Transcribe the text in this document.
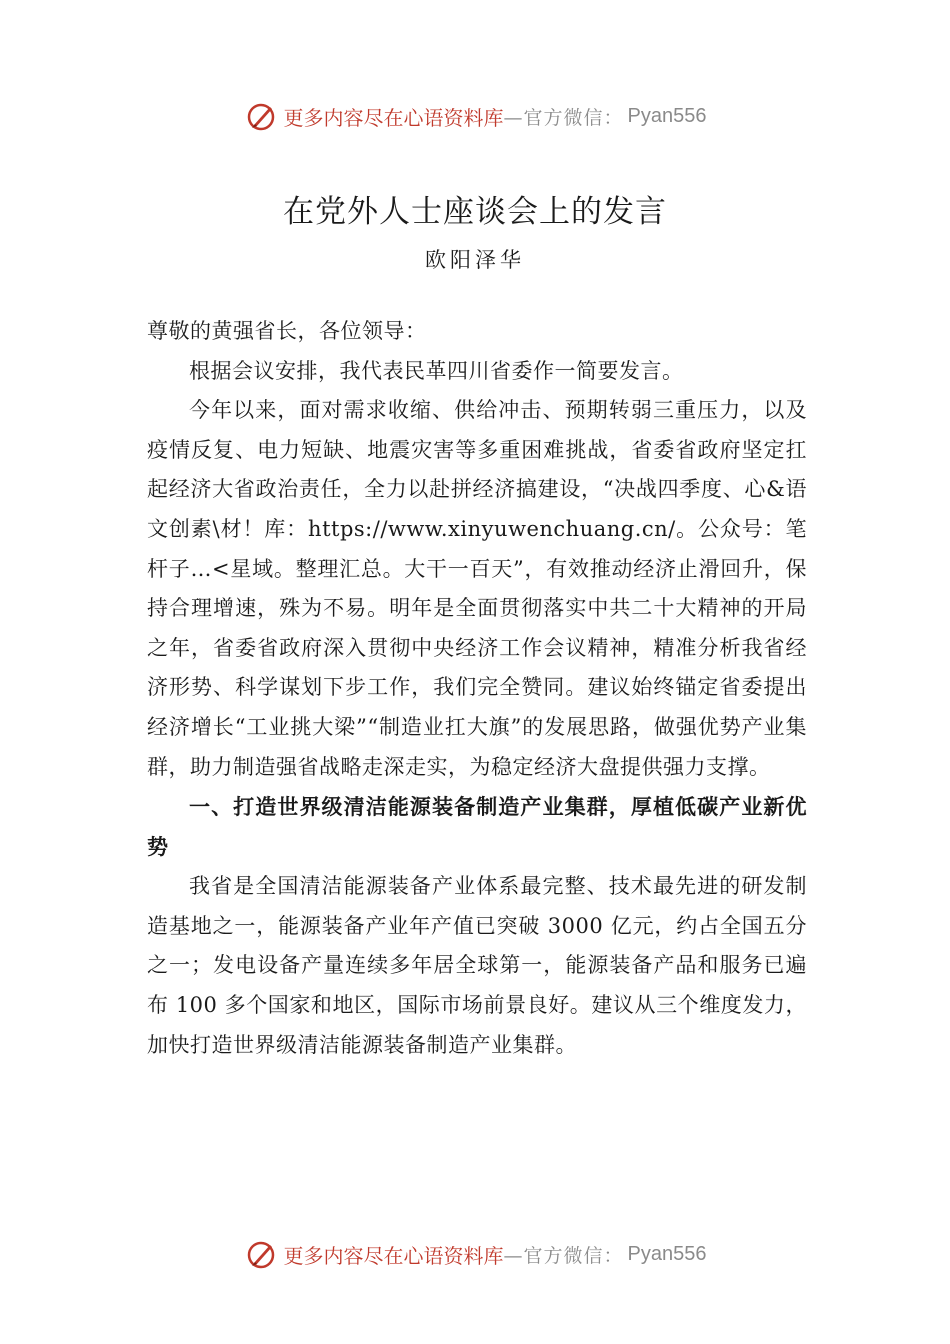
更多内容尽在心语资料库 —官方微信： Pyan556
在党外人士座谈会上的发言
欧阳泽华

尊敬的黄强省长，各位领导：

根据会议安排，我代表民革四川省委作一简要发言。

今年以来，面对需求收缩、供给冲击、预期转弱三重压力，以及疫情反复、电力短缺、地震灾害等多重困难挑战，省委省政府坚定扛起经济大省政治责任，全力以赴拼经济搞建设，“决战四季度、心&语文创素\材！库：https://www.xinyuwenchuang.cn/。公众号：笔杆子…<星域。整理汇总。大干一百天”，有效推动经济止滑回升，保持合理增速，殊为不易。明年是全面贯彻落实中共二十大精神的开局之年，省委省政府深入贯彻中央经济工作会议精神，精准分析我省经济形势、科学谋划下步工作，我们完全赞同。建议始终锚定省委提出经济增长“工业挑大梁”“制造业扛大旗”的发展思路，做强优势产业集群，助力制造强省战略走深走实，为稳定经济大盘提供强力支撑。

一、打造世界级清洁能源装备制造产业集群，厚植低碳产业新优势

我省是全国清洁能源装备产业体系最完整、技术最先进的研发制造基地之一，能源装备产业年产值已突破 3000 亿元，约占全国五分之一；发电设备产量连续多年居全球第一，能源装备产品和服务已遍布 100 多个国家和地区，国际市场前景良好。建议从三个维度发力，加快打造世界级清洁能源装备制造产业集群。

更多内容尽在心语资料库 —官方微信： Pyan556
